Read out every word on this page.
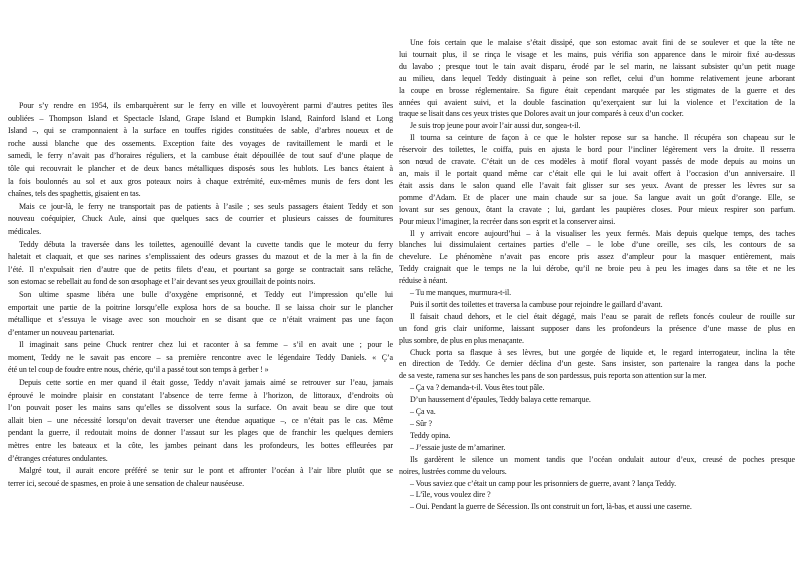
Pour s’y rendre en 1954, ils embarquèrent sur le ferry en ville et louvoyèrent parmi d’autres petites îles
oubliées – Thompson Island et Spectacle Island, Grape Island et Bumpkin Island, Rainford Island et Long
Island –, qui se cramponnaient à la surface en touffes rigides constituées de sable, d’arbres noueux et de
roche aussi blanche que des ossements. Exception faite des voyages de ravitaillement le mardi et le
samedi, le ferry n’avait pas d’horaires réguliers, et la cambuse était dépouillée de tout sauf d’une plaque de
tôle qui recouvrait le plancher et de deux bancs métalliques disposés sous les hublots. Les bancs étaient à
la fois boulonnés au sol et aux gros poteaux noirs à chaque extrémité, eux-mêmes munis de fers dont les
chaînes, tels des spaghettis, gisaient en tas.
Mais ce jour-là, le ferry ne transportait pas de patients à l’asile ; ses seuls passagers étaient Teddy et son
nouveau coéquipier, Chuck Aule, ainsi que quelques sacs de courrier et plusieurs caisses de fournitures
médicales.
Teddy débuta la traversée dans les toilettes, agenouillé devant la cuvette tandis que le moteur du ferry
haletait et claquait, et que ses narines s’emplissaient des odeurs grasses du mazout et de la mer à la fin de
l’été. Il n’expulsait rien d’autre que de petits filets d’eau, et pourtant sa gorge se contractait sans relâche,
son estomac se rebellait au fond de son œsophage et l’air devant ses yeux grouillait de points noirs.
Son ultime spasme libéra une bulle d’oxygène emprisonné, et Teddy eut l’impression qu’elle lui
emportait une partie de la poitrine lorsqu’elle explosa hors de sa bouche. Il se laissa choir sur le plancher
métallique et s’essuya le visage avec son mouchoir en se disant que ce n’était vraiment pas une façon
d’entamer un nouveau partenariat.
Il imaginait sans peine Chuck rentrer chez lui et raconter à sa femme – s’il en avait une ; pour le
moment, Teddy ne le savait pas encore – sa première rencontre avec le légendaire Teddy Daniels. « Ç’a
été un tel coup de foudre entre nous, chérie, qu’il a passé tout son temps à gerber ! »
Depuis cette sortie en mer quand il était gosse, Teddy n’avait jamais aimé se retrouver sur l’eau, jamais
éprouvé le moindre plaisir en constatant l’absence de terre ferme à l’horizon, de littoraux, d’endroits où
l’on pouvait poser les mains sans qu’elles se dissolvent sous la surface. On avait beau se dire que tout
allait bien – une nécessité lorsqu’on devait traverser une étendue aquatique –, ce n’était pas le cas. Même
pendant la guerre, il redoutait moins de donner l’assaut sur les plages que de franchir les quelques derniers
mètres entre les bateaux et la côte, les jambes peinant dans les profondeurs, les bottes effleurées par
d’étranges créatures ondulantes.
Malgré tout, il aurait encore préféré se tenir sur le pont et affronter l’océan à l’air libre plutôt que se
terrer ici, secoué de spasmes, en proie à une sensation de chaleur nauséeuse.
Une fois certain que le malaise s’était dissipé, que son estomac avait fini de se soulever et que la tête ne
lui tournait plus, il se rinça le visage et les mains, puis vérifia son apparence dans le miroir fixé au-dessus
du lavabo ; presque tout le tain avait disparu, érodé par le sel marin, ne laissant subsister qu’un petit nuage
au milieu, dans lequel Teddy distinguait à peine son reflet, celui d’un homme relativement jeune arborant
la coupe en brosse réglementaire. Sa figure était cependant marquée par les stigmates de la guerre et des
années qui avaient suivi, et la double fascination qu’exerçaient sur lui la violence et l’excitation de la
traque se lisait dans ces yeux tristes que Dolores avait un jour comparés à ceux d’un cocker.
Je suis trop jeune pour avoir l’air aussi dur, songea-t-il.
Il tourna sa ceinture de façon à ce que le holster repose sur sa hanche. Il récupéra son chapeau sur le
réservoir des toilettes, le coiffa, puis en ajusta le bord pour l’incliner légèrement vers la droite. Il resserra
son nœud de cravate. C’était un de ces modèles à motif floral voyant passés de mode depuis au moins un
an, mais il le portait quand même car c’était elle qui le lui avait offert à l’occasion d’un anniversaire. Il
était assis dans le salon quand elle l’avait fait glisser sur ses yeux. Avant de presser les lèvres sur sa
pomme d’Adam. Et de placer une main chaude sur sa joue. Sa langue avait un goût d’orange. Elle, se
lovant sur ses genoux, ôtant la cravate ; lui, gardant les paupières closes. Pour mieux respirer son parfum.
Pour mieux l’imaginer, la recréer dans son esprit et la conserver ainsi.
Il y arrivait encore aujourd’hui – à la visualiser les yeux fermés. Mais depuis quelque temps, des taches
blanches lui dissimulaient certaines parties d’elle – le lobe d’une oreille, ses cils, les contours de sa
chevelure. Le phénomène n’avait pas encore pris assez d’ampleur pour la masquer entièrement, mais
Teddy craignait que le temps ne la lui dérobe, qu’il ne broie peu à peu les images dans sa tête et ne les
réduise à néant.
– Tu me manques, murmura-t-il.
Puis il sortit des toilettes et traversa la cambuse pour rejoindre le gaillard d’avant.
Il faisait chaud dehors, et le ciel était dégagé, mais l’eau se parait de reflets foncés couleur de rouille sur
un fond gris clair uniforme, laissant supposer dans les profondeurs la présence d’une masse de plus en
plus sombre, de plus en plus menaçante.
Chuck porta sa flasque à ses lèvres, but une gorgée de liquide et, le regard interrogateur, inclina la tête
en direction de Teddy. Ce dernier déclina d’un geste. Sans insister, son partenaire la rangea dans la poche
de sa veste, ramena sur ses hanches les pans de son pardessus, puis reporta son attention sur la mer.
– Ça va ? demanda-t-il. Vous êtes tout pâle.
D’un haussement d’épaules, Teddy balaya cette remarque.
– Ça va.
– Sûr ?
Teddy opina.
– J’essaie juste de m’amariner.
Ils gardèrent le silence un moment tandis que l’océan ondulait autour d’eux, creusé de poches presque
noires, lustrées comme du velours.
– Vous saviez que c’était un camp pour les prisonniers de guerre, avant ? lança Teddy.
– L’île, vous voulez dire ?
– Oui. Pendant la guerre de Sécession. Ils ont construit un fort, là-bas, et aussi une caserne.
